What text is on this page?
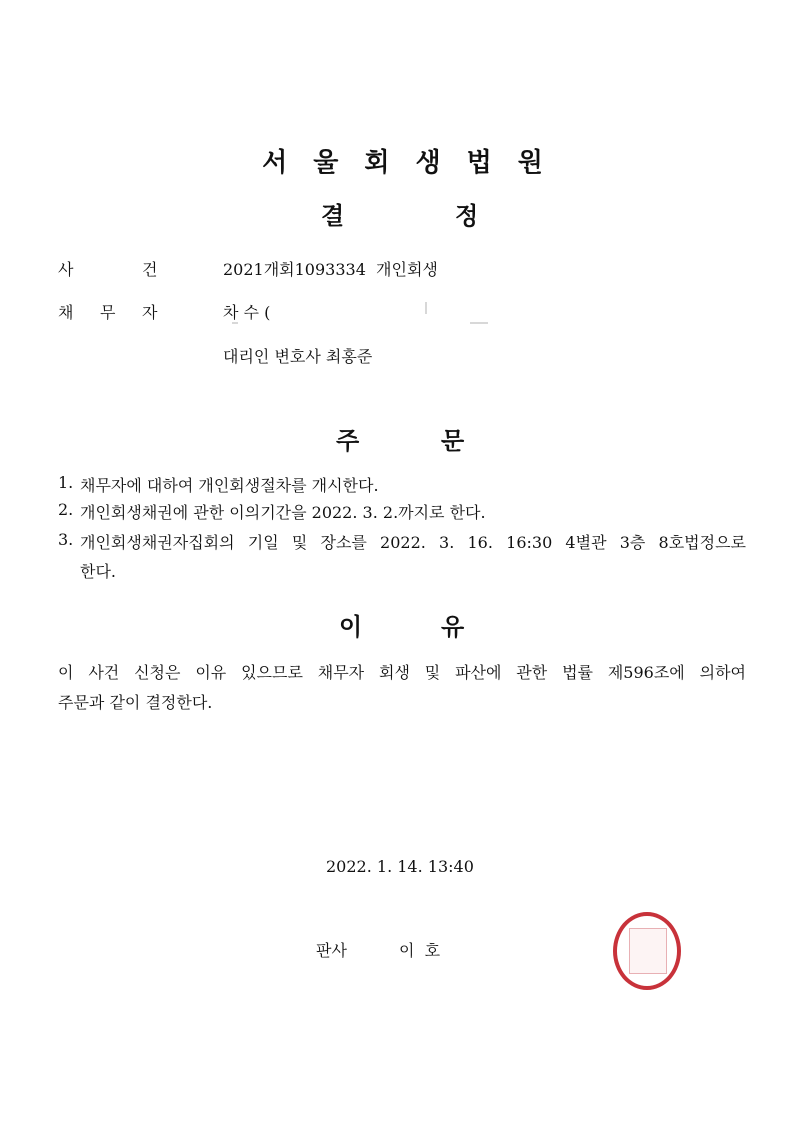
서울회생법원
결	정
사	건	2021개회1093334  개인회생
채 무 자	차 수 (
대리인 변호사 최홍준
주	문
1. 채무자에 대하여 개인회생절차를 개시한다.
2. 개인회생채권에 관한 이의기간을 2022. 3. 2.까지로 한다.
3. 개인회생채권자집회의 기일 및 장소를 2022. 3. 16. 16:30 4별관 3층 8호법정으로
한다.
이	유
이 사건 신청은 이유 있으므로 채무자 회생 및 파산에 관한 법률 제596조에 의하여
주문과 같이 결정한다.
2022. 1. 14. 13:40
판사	이  호
